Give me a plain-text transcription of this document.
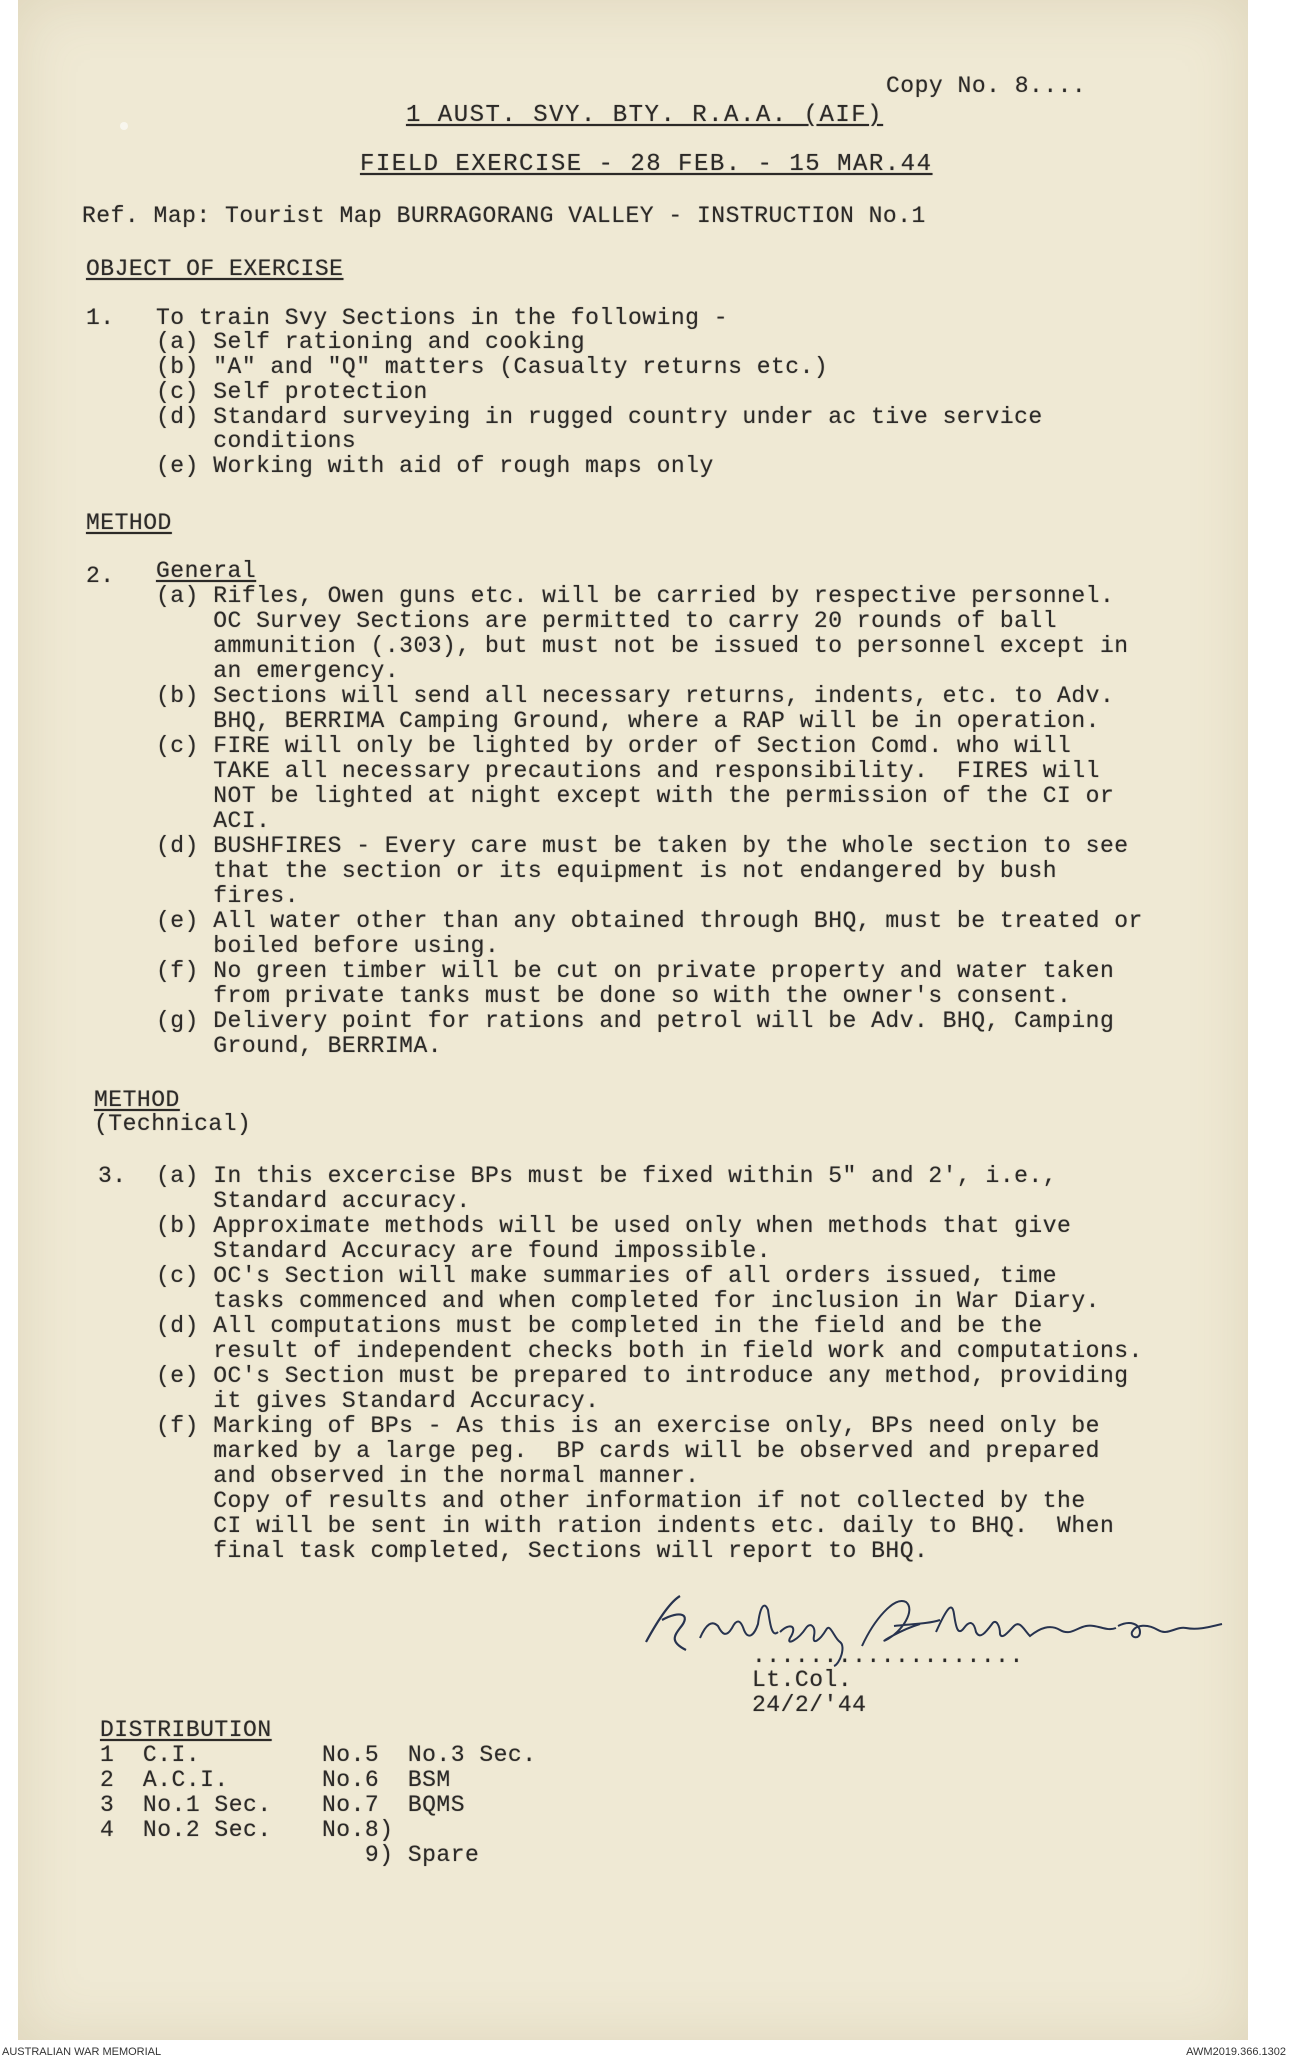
Copy No. 8....
1 AUST. SVY. BTY. R.A.A. (AIF)
FIELD EXERCISE - 28 FEB. - 15 MAR.44
Ref. Map: Tourist Map BURRAGORANG VALLEY - INSTRUCTION No.1
OBJECT OF EXERCISE
1. To train Svy Sections in the following -
(a) Self rationing and cooking
(b) "A" and "Q" matters (Casualty returns etc.)
(c) Self protection
(d) Standard surveying in rugged country under ac tive service
conditions
(e) Working with aid of rough maps only
METHOD
2. General
(a) Rifles, Owen guns etc. will be carried by respective personnel.
OC Survey Sections are permitted to carry 20 rounds of ball
ammunition (.303), but must not be issued to personnel except in
an emergency.
(b) Sections will send all necessary returns, indents, etc. to Adv.
BHQ, BERRIMA Camping Ground, where a RAP will be in operation.
(c) FIRE will only be lighted by order of Section Comd. who will
TAKE all necessary precautions and responsibility.  FIRES will
NOT be lighted at night except with the permission of the CI or
ACI.
(d) BUSHFIRES - Every care must be taken by the whole section to see
that the section or its equipment is not endangered by bush
fires.
(e) All water other than any obtained through BHQ, must be treated or
boiled before using.
(f) No green timber will be cut on private property and water taken
from private tanks must be done so with the owner's consent.
(g) Delivery point for rations and petrol will be Adv. BHQ, Camping
Ground, BERRIMA.
METHOD
(Technical)
3. (a) In this excercise BPs must be fixed within 5" and 2', i.e.,
Standard accuracy.
(b) Approximate methods will be used only when methods that give
Standard Accuracy are found impossible.
(c) OC's Section will make summaries of all orders issued, time
tasks commenced and when completed for inclusion in War Diary.
(d) All computations must be completed in the field and be the
result of independent checks both in field work and computations.
(e) OC's Section must be prepared to introduce any method, providing
it gives Standard Accuracy.
(f) Marking of BPs - As this is an exercise only, BPs need only be
marked by a large peg.  BP cards will be observed and prepared
and observed in the normal manner.
Copy of results and other information if not collected by the
CI will be sent in with ration indents etc. daily to BHQ.  When
final task completed, Sections will report to BHQ.
...................
Lt.Col.
24/2/'44
DISTRIBUTION
1  C.I.	No.5  No.3 Sec.
2  A.C.I.	No.6  BSM
3  No.1 Sec. No.7  BQMS
4  No.2 Sec. No.8)
9) Spare
AUSTRALIAN WAR MEMORIAL	AWM2019.366.1302
